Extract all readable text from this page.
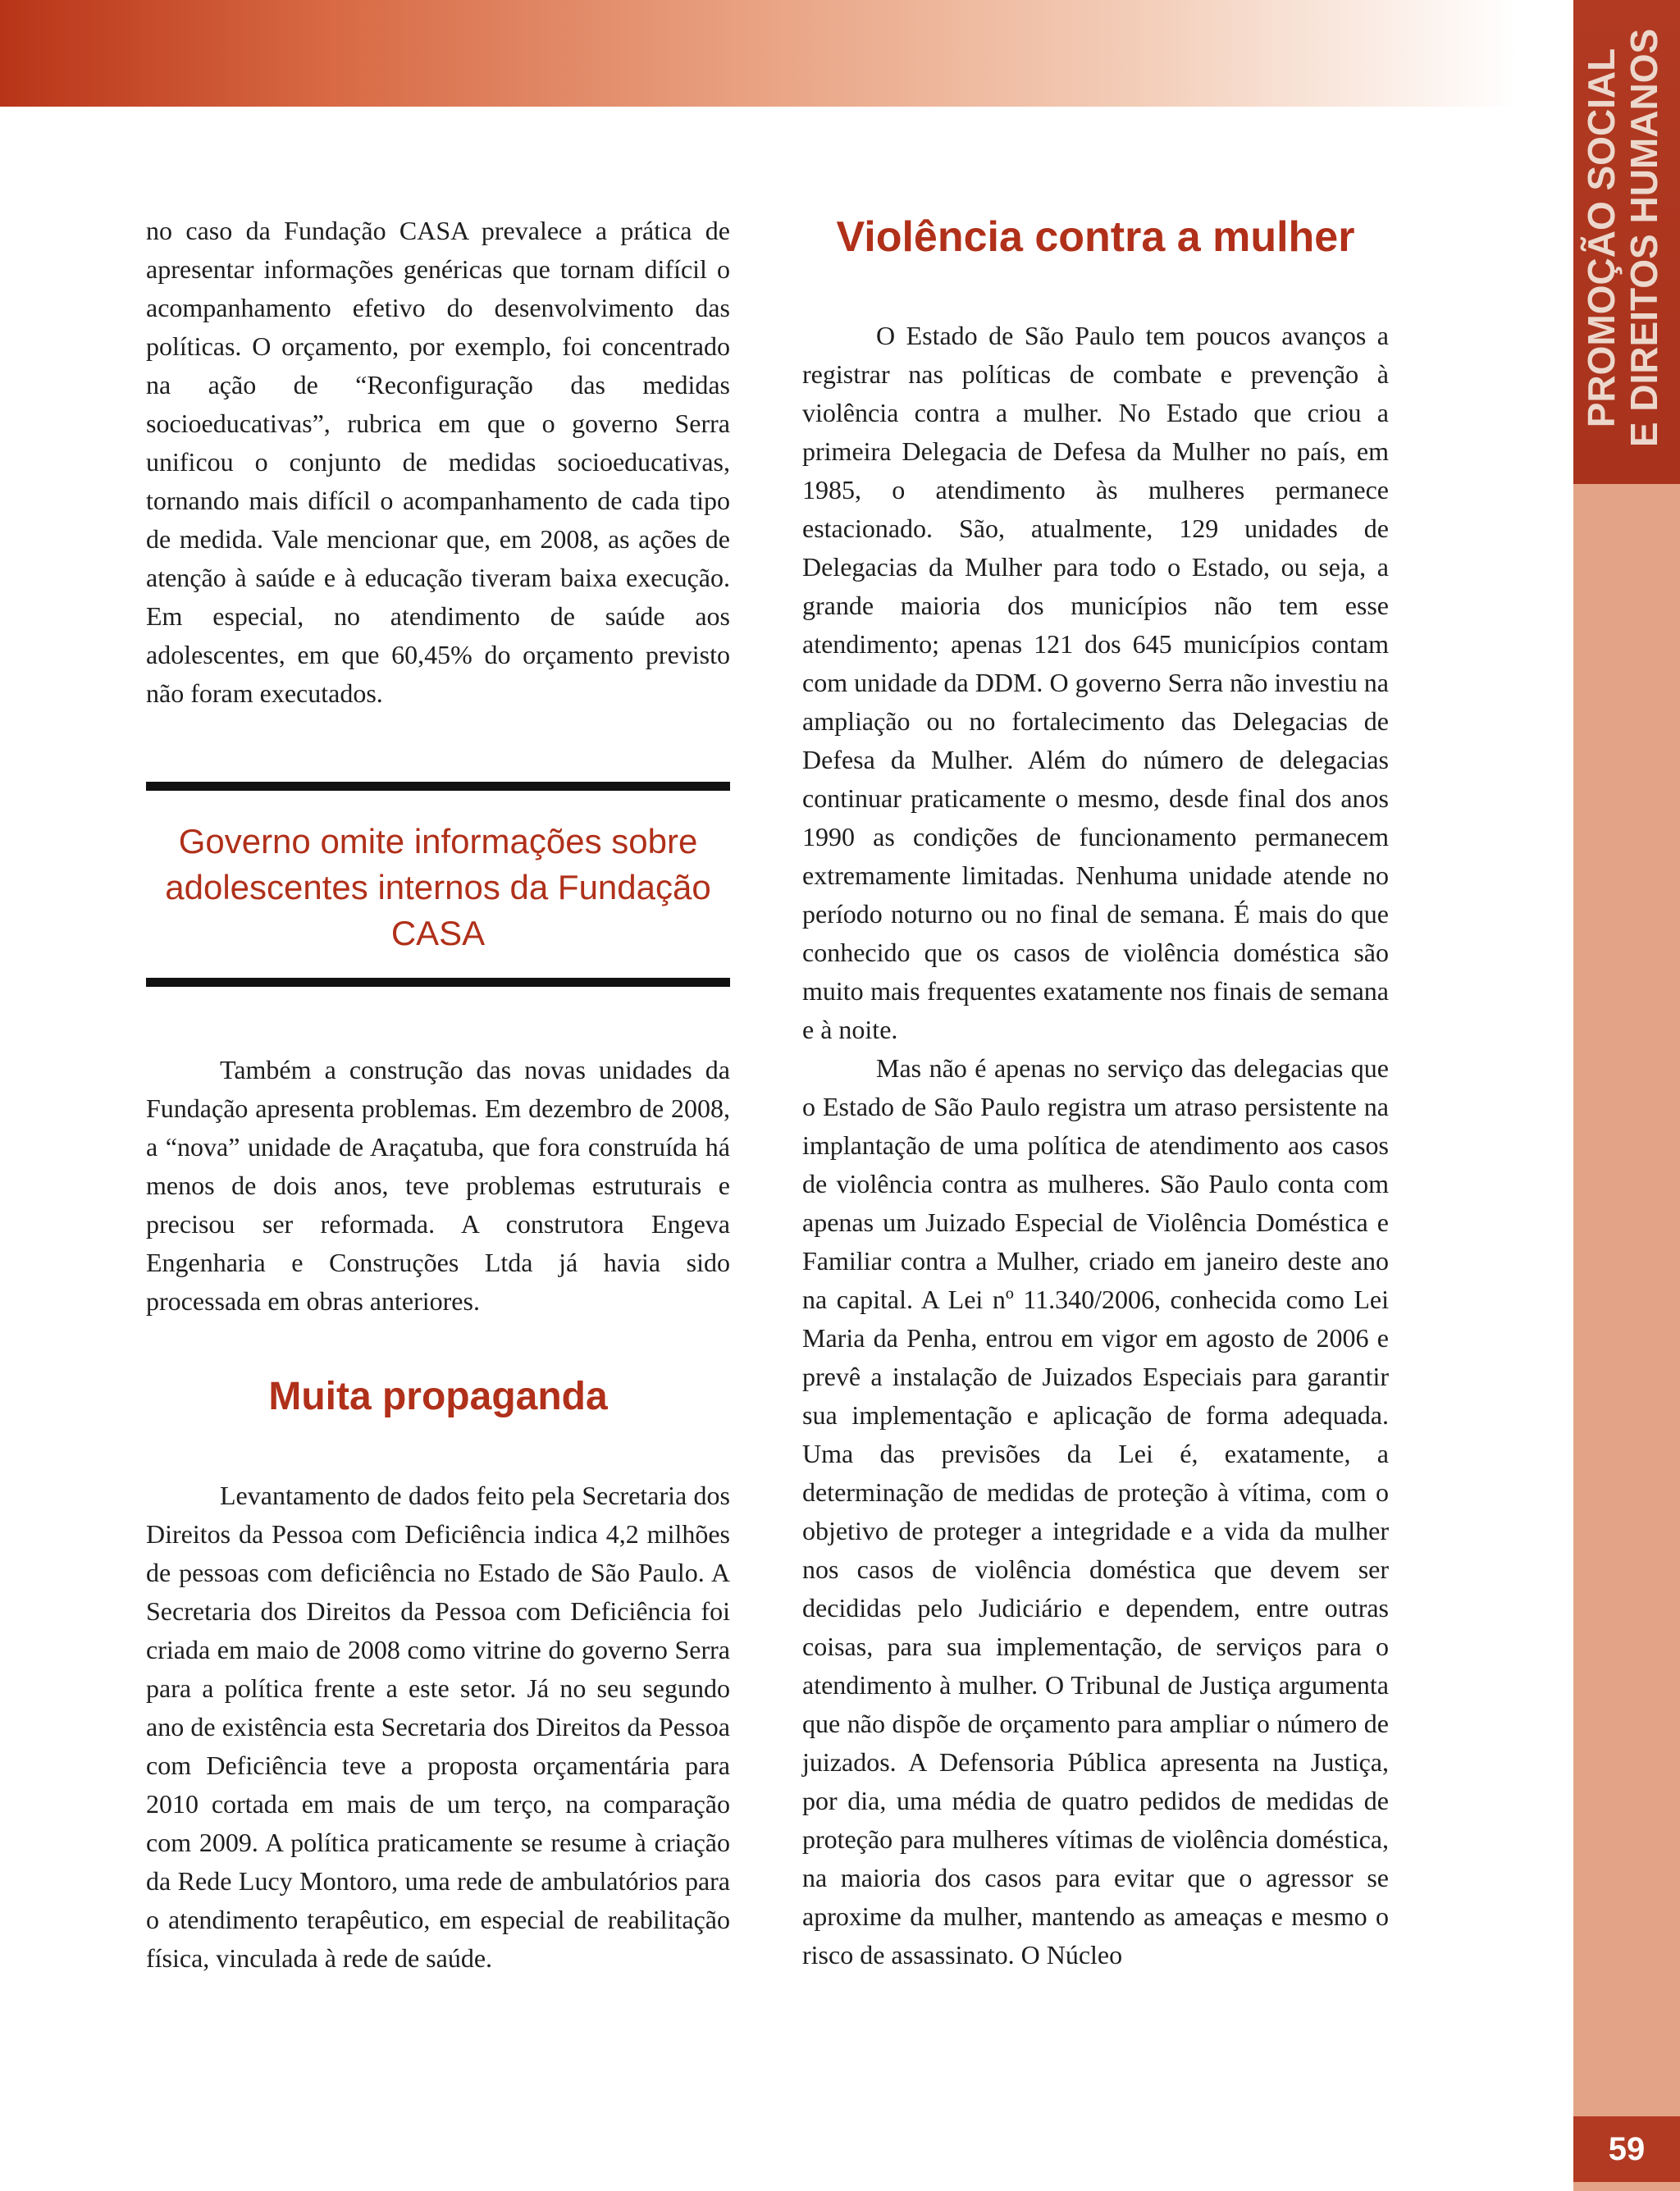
PROMOÇÃO SOCIAL E DIREITOS HUMANOS
59

no caso da Fundação CASA prevalece a prática de apresentar informações genéricas que tornam difícil o acompanhamento efetivo do desenvolvimento das políticas. O orçamento, por exemplo, foi concentrado na ação de “Reconfiguração das medidas socioeducativas”, rubrica em que o governo Serra unificou o conjunto de medidas socioeducativas, tornando mais difícil o acompanhamento de cada tipo de medida. Vale mencionar que, em 2008, as ações de atenção à saúde e à educação tiveram baixa execução. Em especial, no atendimento de saúde aos adolescentes, em que 60,45% do orçamento previsto não foram executados.

Governo omite informações sobre adolescentes internos da Fundação CASA

Também a construção das novas unidades da Fundação apresenta problemas. Em dezembro de 2008, a “nova” unidade de Araçatuba, que fora construída há menos de dois anos, teve problemas estruturais e precisou ser reformada. A construtora Engeva Engenharia e Construções Ltda já havia sido processada em obras anteriores.

Muita propaganda

Levantamento de dados feito pela Secretaria dos Direitos da Pessoa com Deficiência indica 4,2 milhões de pessoas com deficiência no Estado de São Paulo. A Secretaria dos Direitos da Pessoa com Deficiência foi criada em maio de 2008 como vitrine do governo Serra para a política frente a este setor. Já no seu segundo ano de existência esta Secretaria dos Direitos da Pessoa com Deficiência teve a proposta orçamentária para 2010 cortada em mais de um terço, na comparação com 2009. A política praticamente se resume à criação da Rede Lucy Montoro, uma rede de ambulatórios para o atendimento terapêutico, em especial de reabilitação física, vinculada à rede de saúde.

Violência contra a mulher

O Estado de São Paulo tem poucos avanços a registrar nas políticas de combate e prevenção à violência contra a mulher. No Estado que criou a primeira Delegacia de Defesa da Mulher no país, em 1985, o atendimento às mulheres permanece estacionado. São, atualmente, 129 unidades de Delegacias da Mulher para todo o Estado, ou seja, a grande maioria dos municípios não tem esse atendimento; apenas 121 dos 645 municípios contam com unidade da DDM. O governo Serra não investiu na ampliação ou no fortalecimento das Delegacias de Defesa da Mulher. Além do número de delegacias continuar praticamente o mesmo, desde final dos anos 1990 as condições de funcionamento permanecem extremamente limitadas. Nenhuma unidade atende no período noturno ou no final de semana. É mais do que conhecido que os casos de violência doméstica são muito mais frequentes exatamente nos finais de semana e à noite.

Mas não é apenas no serviço das delegacias que o Estado de São Paulo registra um atraso persistente na implantação de uma política de atendimento aos casos de violência contra as mulheres. São Paulo conta com apenas um Juizado Especial de Violência Doméstica e Familiar contra a Mulher, criado em janeiro deste ano na capital. A Lei nº 11.340/2006, conhecida como Lei Maria da Penha, entrou em vigor em agosto de 2006 e prevê a instalação de Juizados Especiais para garantir sua implementação e aplicação de forma adequada. Uma das previsões da Lei é, exatamente, a determinação de medidas de proteção à vítima, com o objetivo de proteger a integridade e a vida da mulher nos casos de violência doméstica que devem ser decididas pelo Judiciário e dependem, entre outras coisas, para sua implementação, de serviços para o atendimento à mulher. O Tribunal de Justiça argumenta que não dispõe de orçamento para ampliar o número de juizados. A Defensoria Pública apresenta na Justiça, por dia, uma média de quatro pedidos de medidas de proteção para mulheres vítimas de violência doméstica, na maioria dos casos para evitar que o agressor se aproxime da mulher, mantendo as ameaças e mesmo o risco de assassinato. O Núcleo
